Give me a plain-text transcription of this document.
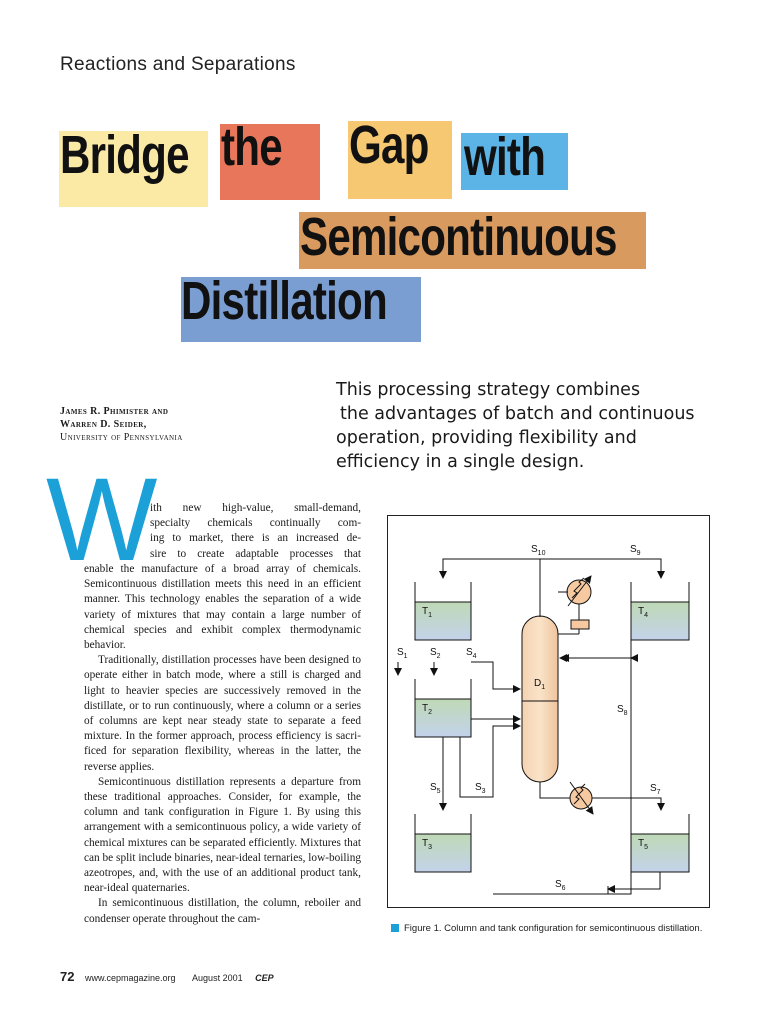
Reactions and Separations
Bridge the Gap with
Semicontinuous
Distillation
James R. Phimister and
Warren D. Seider,
University of Pennsylvania
This processing strategy combines
the advantages of batch and continuous
operation, providing flexibility and
efficiency in a single design.
W
ith new high-value, small-demand,
specialty chemicals continually com-
ing to market, there is an increased de-
sire to create adaptable processes that

enable the manufacture of a broad array of chemicals. Semicontinuous distillation meets this need in an efficient manner. This technology enables the separation of a wide variety of mixtures that may contain a large number of chemical species and exhibit complex thermodynamic behavior.

Traditionally, distillation processes have been designed to operate either in batch mode, where a still is charged and light to heavier species are successively removed in the distillate, or to run continuously, where a column or a series of columns are kept near steady state to separate a feed mixture. In the former approach, process efficiency is sacrificed for separation flexibility, whereas in the latter, the reverse applies.

Semicontinuous distillation represents a departure from these traditional approaches. Consider, for example, the column and tank configuration in Figure 1. By using this arrangement with a semicontinuous policy, a wide variety of chemical mixtures can be separated efficiently. Mixtures that can be split include binaries, near-ideal ternaries, low-boiling azeotropes, and, with the use of an additional product tank, near-ideal quaternaries.

In semicontinuous distillation, the column, reboiler and condenser operate throughout the cam-

$T_1$
$T_2$
$T_3$
$T_4$
$T_5$
$D_1$
$S_1$ $S_2$	$S_4$
$S_5$	$S_3$
$S_6$
$S_7$
$S_8$
$S_9$
$S_{10}$
Figure 1. Column and tank configuration for semicontinuous distillation.
72 www.cepmagazine.org August 2001 CEP
